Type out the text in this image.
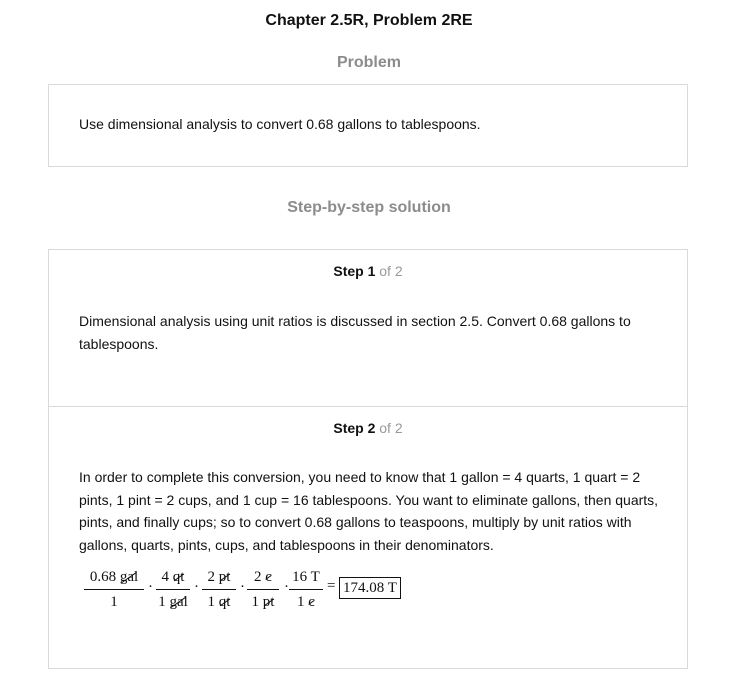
Chapter 2.5R, Problem 2RE
Problem
Use dimensional analysis to convert 0.68 gallons to tablespoons.
Step-by-step solution
Step 1 of 2
Dimensional analysis using unit ratios is discussed in section 2.5. Convert 0.68 gallons to tablespoons.
Step 2 of 2
In order to complete this conversion, you need to know that 1 gallon = 4 quarts, 1 quart = 2 pints, 1 pint = 2 cups, and 1 cup = 16 tablespoons. You want to eliminate gallons, then quarts, pints, and finally cups; so to convert 0.68 gallons to teaspoons, multiply by unit ratios with gallons, quarts, pints, cups, and tablespoons in their denominators.
0.68 gal
1
4 qt
1 gal
2 pt
1 qt
2 c
1 pt
16 T
1 c
·	·	·	·	= 174.08 T
